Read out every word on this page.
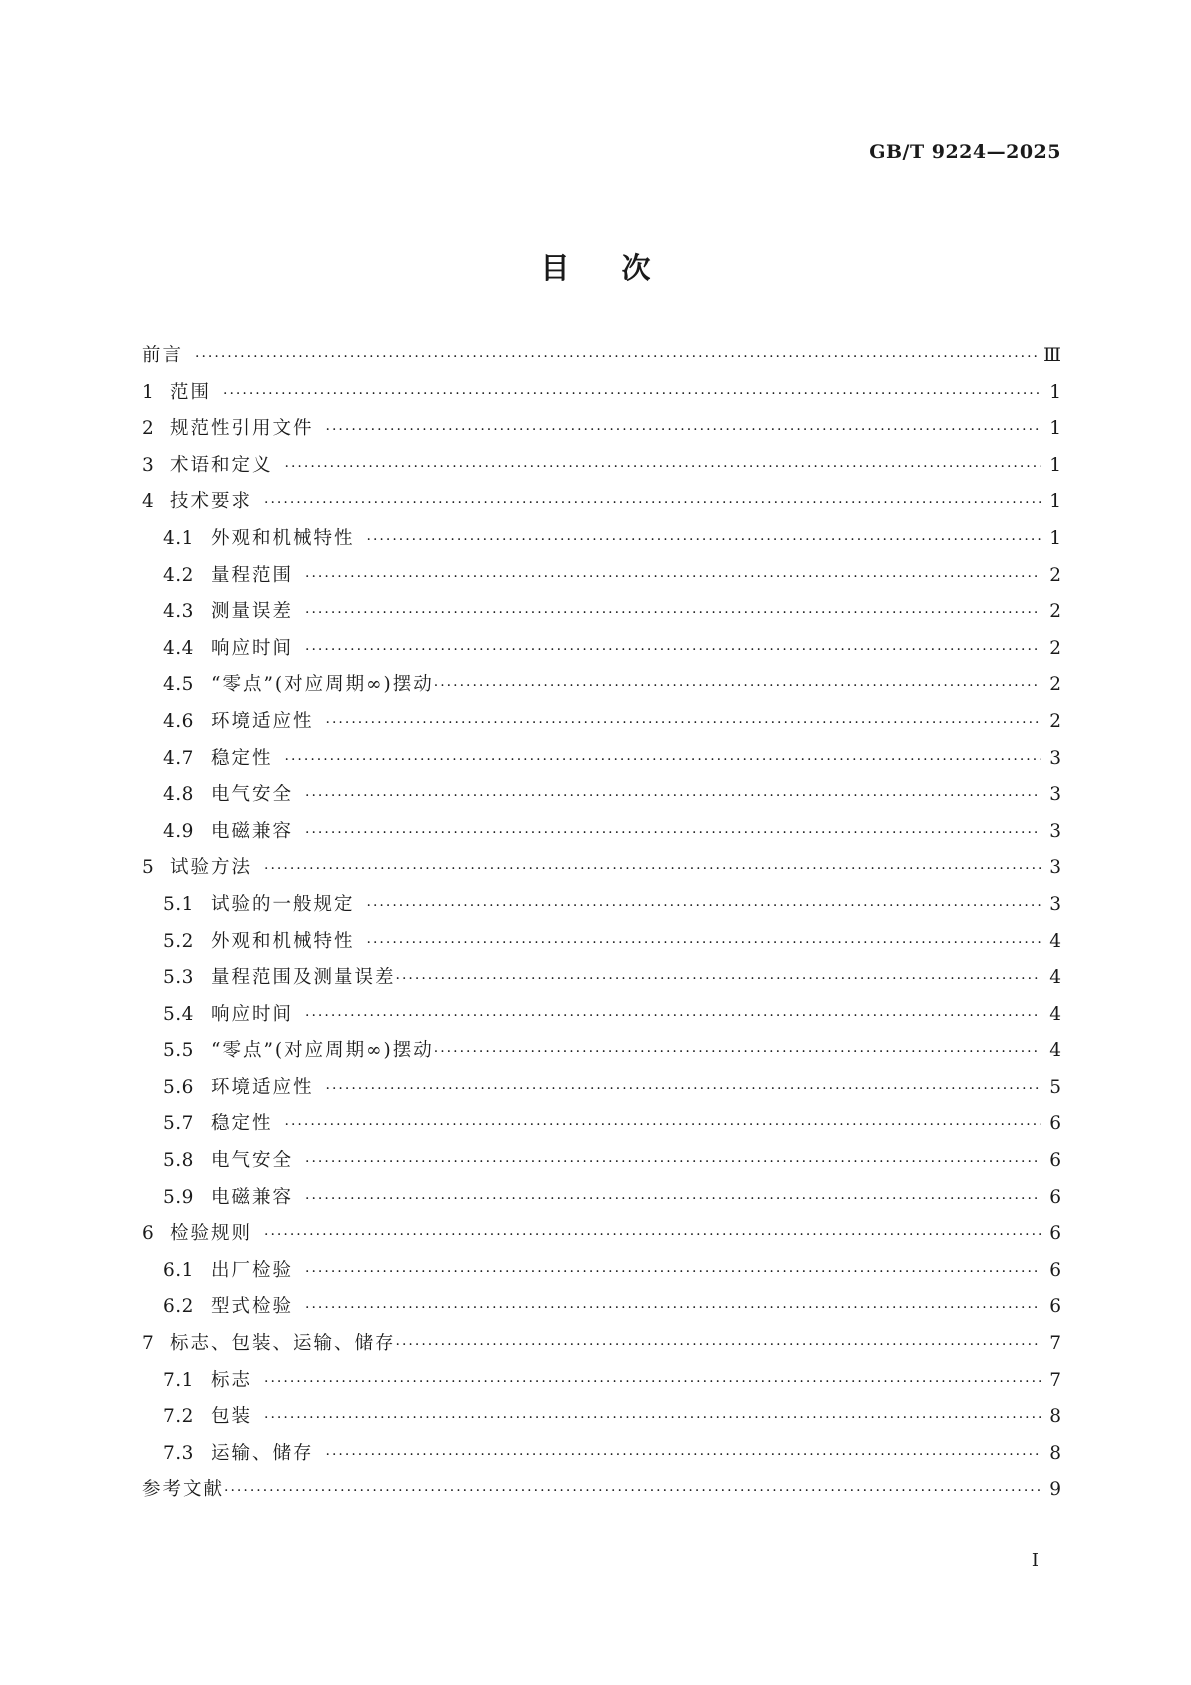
GB/T 9224—2025
目次
前言 ·····	Ⅲ
1 范围 ·····	1
2 规范性引用文件 ·····	1
3 术语和定义 ·····	1
4 技术要求 ·····	1
4.1 外观和机械特性 ·····	1
4.2 量程范围 ·····	2
4.3 测量误差 ·····	2
4.4 响应时间 ·····	2
4.5 “零点”(对应周期∞)摆动 ·····	2
4.6 环境适应性 ·····	2
4.7 稳定性 ·····	3
4.8 电气安全 ·····	3
4.9 电磁兼容 ·····	3
5 试验方法 ·····	3
5.1 试验的一般规定 ·····	3
5.2 外观和机械特性 ·····	4
5.3 量程范围及测量误差 ·····	4
5.4 响应时间 ·····	4
5.5 “零点”(对应周期∞)摆动 ·····	4
5.6 环境适应性 ·····	5
5.7 稳定性 ·····	6
5.8 电气安全 ·····	6
5.9 电磁兼容 ·····	6
6 检验规则 ·····	6
6.1 出厂检验 ·····	6
6.2 型式检验 ·····	6
7 标志、包装、运输、储存 ·····	7
7.1 标志 ·····	7
7.2 包装 ·····	8
7.3 运输、储存 ·····	8
参考文献 ·····	9
I
